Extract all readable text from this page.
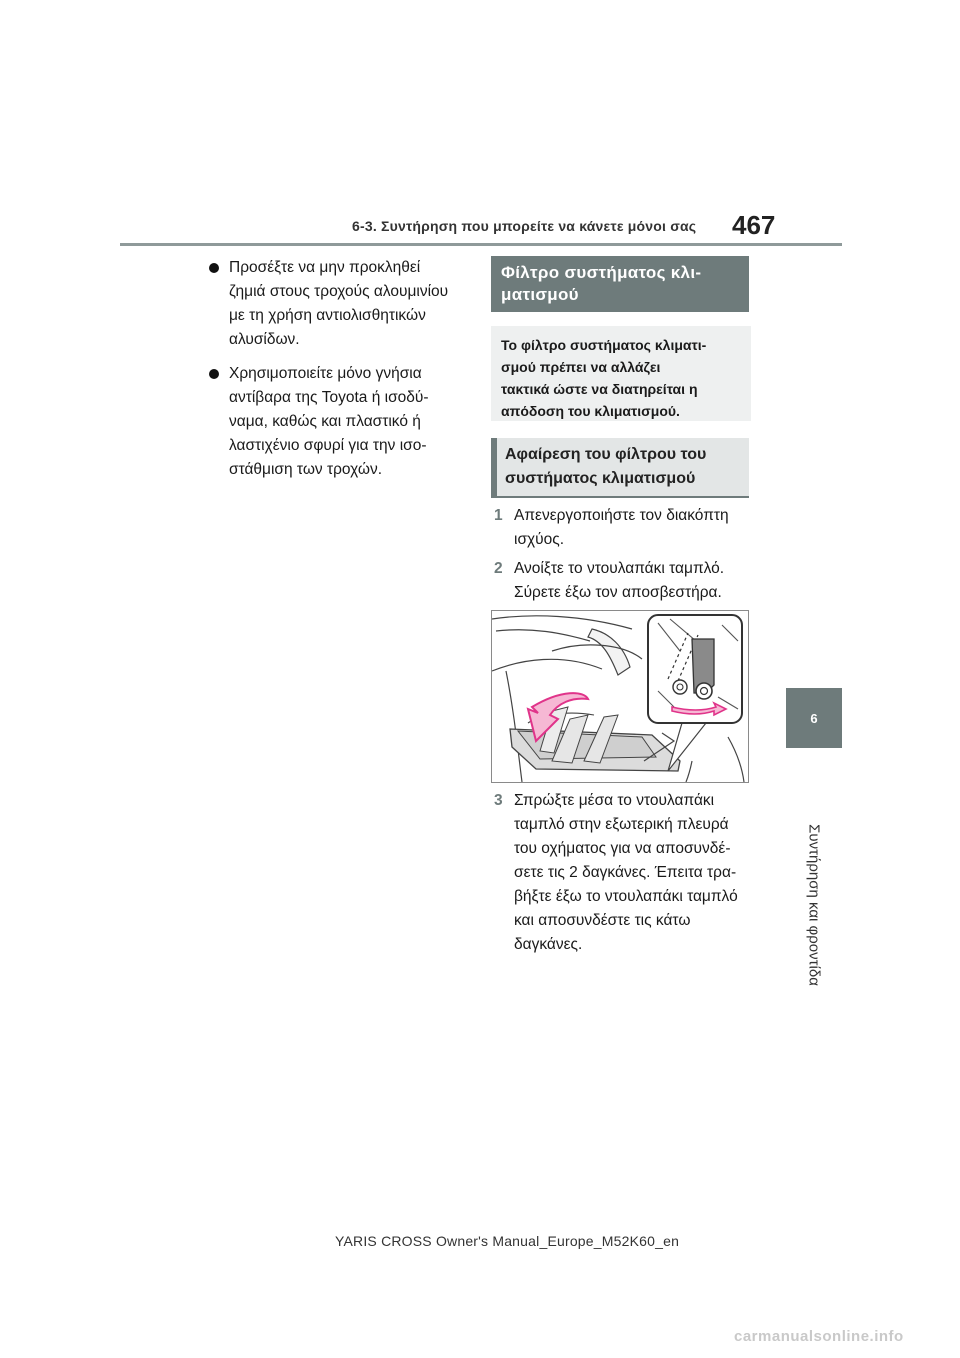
6-3. Συντήρηση που μπορείτε να κάνετε μόνοι σας 467
6
Συντήρηση και φροντίδα
Προσέξτε να μην προκληθεί
ζημιά στους τροχούς αλουμινίου
με τη χρήση αντιολισθητικών
αλυσίδων.
Χρησιμοποιείτε μόνο γνήσια
αντίβαρα της Toyota ή ισοδύ-
ναμα, καθώς και πλαστικό ή
λαστιχένιο σφυρί για την ισο-
στάθμιση των τροχών.
Φίλτρο συστήματος κλι-
ματισμού
Το φίλτρο συστήματος κλιματι-
σμού πρέπει να αλλάζει
τακτικά ώστε να διατηρείται η
απόδοση του κλιματισμού.
Αφαίρεση του φίλτρου του
συστήματος κλιματισμού
1 Απενεργοποιήστε τον διακόπτη
ισχύος.
2 Ανοίξτε το ντουλαπάκι ταμπλό.
Σύρετε έξω τον αποσβεστήρα.
3 Σπρώξτε μέσα το ντουλαπάκι
ταμπλό στην εξωτερική πλευρά
του οχήματος για να αποσυνδέ-
σετε τις 2 δαγκάνες. Έπειτα τρα-
βήξτε έξω το ντουλαπάκι ταμπλό
και αποσυνδέστε τις κάτω
δαγκάνες.
YARIS CROSS Owner's Manual_Europe_M52K60_en
carmanualsonline.info
